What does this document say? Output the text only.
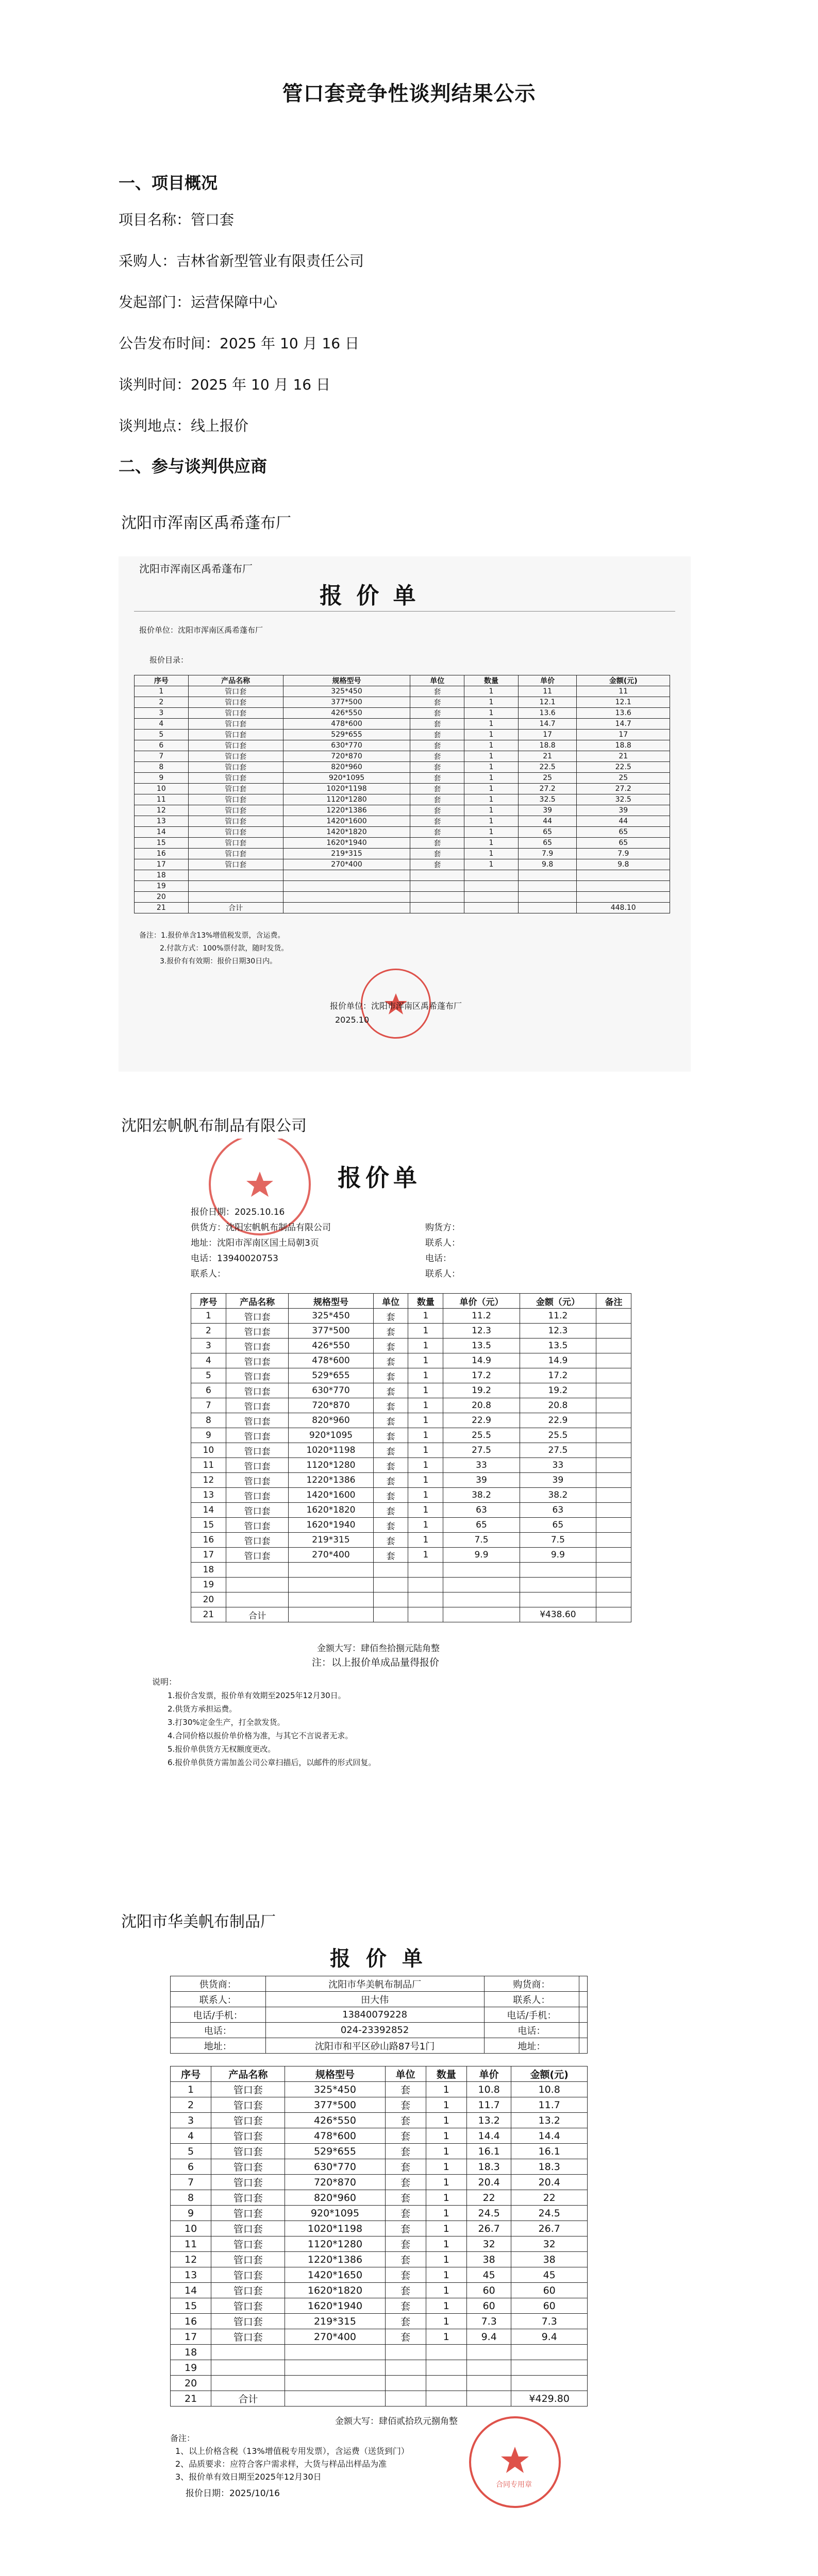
管口套竞争性谈判结果公示
一、项目概况
项目名称：管口套
采购人：吉林省新型管业有限责任公司
发起部门：运营保障中心
公告发布时间：2025 年 10 月 16 日
谈判时间：2025 年 10 月 16 日
谈判地点：线上报价
二、参与谈判供应商
沈阳市浑南区禹希蓬布厂
沈阳市浑南区禹希蓬布厂
报 价 单
报价单位：沈阳市浑南区禹希蓬布厂
报价目录：
序号	产品名称	规格型号	单位	数量	单价	金额(元)
1	管口套	325*450	套	1	11	11
2	管口套	377*500	套	1	12.1	12.1
3	管口套	426*550	套	1	13.6	13.6
4	管口套	478*600	套	1	14.7	14.7
5	管口套	529*655	套	1	17	17
6	管口套	630*770	套	1	18.8	18.8
7	管口套	720*870	套	1	21	21
8	管口套	820*960	套	1	22.5	22.5
9	管口套	920*1095	套	1	25	25
10	管口套	1020*1198	套	1	27.2	27.2
11	管口套	1120*1280	套	1	32.5	32.5
12	管口套	1220*1386	套	1	39	39
13	管口套	1420*1600	套	1	44	44
14	管口套	1420*1820	套	1	65	65
15	管口套	1620*1940	套	1	65	65
16	管口套	219*315	套	1	7.9	7.9
17	管口套	270*400	套	1	9.8	9.8
18						
19						
20						
21	合计					448.10
备注：1.报价单含13%增值税发票，含运费。
2.付款方式：100%票付款，随时发货。
3.报价有有效期：报价日期30日内。
报价单位：沈阳市浑南区禹希蓬布厂
2025.10
沈阳宏帆帆布制品有限公司
报价单
报价日期：2025.10.16
供货方：沈阳宏帆帆布制品有限公司
地址：沈阳市浑南区国土局朝3页
电话：13940020753
联系人：
购货方：
联系人：
电话：
联系人：
序号	产品名称	规格型号	单位	数量	单价（元）	金额（元）	备注
1	管口套	325*450	套	1	11.2	11.2	
2	管口套	377*500	套	1	12.3	12.3	
3	管口套	426*550	套	1	13.5	13.5	
4	管口套	478*600	套	1	14.9	14.9	
5	管口套	529*655	套	1	17.2	17.2	
6	管口套	630*770	套	1	19.2	19.2	
7	管口套	720*870	套	1	20.8	20.8	
8	管口套	820*960	套	1	22.9	22.9	
9	管口套	920*1095	套	1	25.5	25.5	
10	管口套	1020*1198	套	1	27.5	27.5	
11	管口套	1120*1280	套	1	33	33	
12	管口套	1220*1386	套	1	39	39	
13	管口套	1420*1600	套	1	38.2	38.2	
14	管口套	1620*1820	套	1	63	63	
15	管口套	1620*1940	套	1	65	65	
16	管口套	219*315	套	1	7.5	7.5	
17	管口套	270*400	套	1	9.9	9.9	
18							
19							
20							
21	合计					¥438.60	
金额大写：肆佰叁拾捌元陆角整
注：以上报价单成品量得报价
说明：
1.报价含发票，报价单有效期至2025年12月30日。
2.供货方承担运费。
3.打30%定金生产，打全款发货。
4.合同价格以报价单价格为准，与其它不言说者无求。
5.报价单供货方无权额度更改。
6.报价单供货方需加盖公司公章扫描后，以邮件的形式回复。
沈阳市华美帆布制品厂
报 价 单
供货商：	沈阳市华美帆布制品厂	购货商：	
联系人：	田大伟	联系人：	
电话/手机：	13840079228	电话/手机：	
电话：	024-23392852	电话：	
地址：	沈阳市和平区砂山路87号1门	地址：	
序号	产品名称	规格型号	单位	数量	单价	金额(元)
1	管口套	325*450	套	1	10.8	10.8
2	管口套	377*500	套	1	11.7	11.7
3	管口套	426*550	套	1	13.2	13.2
4	管口套	478*600	套	1	14.4	14.4
5	管口套	529*655	套	1	16.1	16.1
6	管口套	630*770	套	1	18.3	18.3
7	管口套	720*870	套	1	20.4	20.4
8	管口套	820*960	套	1	22	22
9	管口套	920*1095	套	1	24.5	24.5
10	管口套	1020*1198	套	1	26.7	26.7
11	管口套	1120*1280	套	1	32	32
12	管口套	1220*1386	套	1	38	38
13	管口套	1420*1650	套	1	45	45
14	管口套	1620*1820	套	1	60	60
15	管口套	1620*1940	套	1	60	60
16	管口套	219*315	套	1	7.3	7.3
17	管口套	270*400	套	1	9.4	9.4
18						
19						
20						
21	合计					¥429.80
金额大写：肆佰贰拾玖元捌角整
备注：
1、以上价格含税（13%增值税专用发票），含运费（送货到门）
2、品质要求：应符合客户需求样，大货与样品出样品为准
3、报价单有效日期至2025年12月30日
报价日期：2025/10/16
合同专用章
